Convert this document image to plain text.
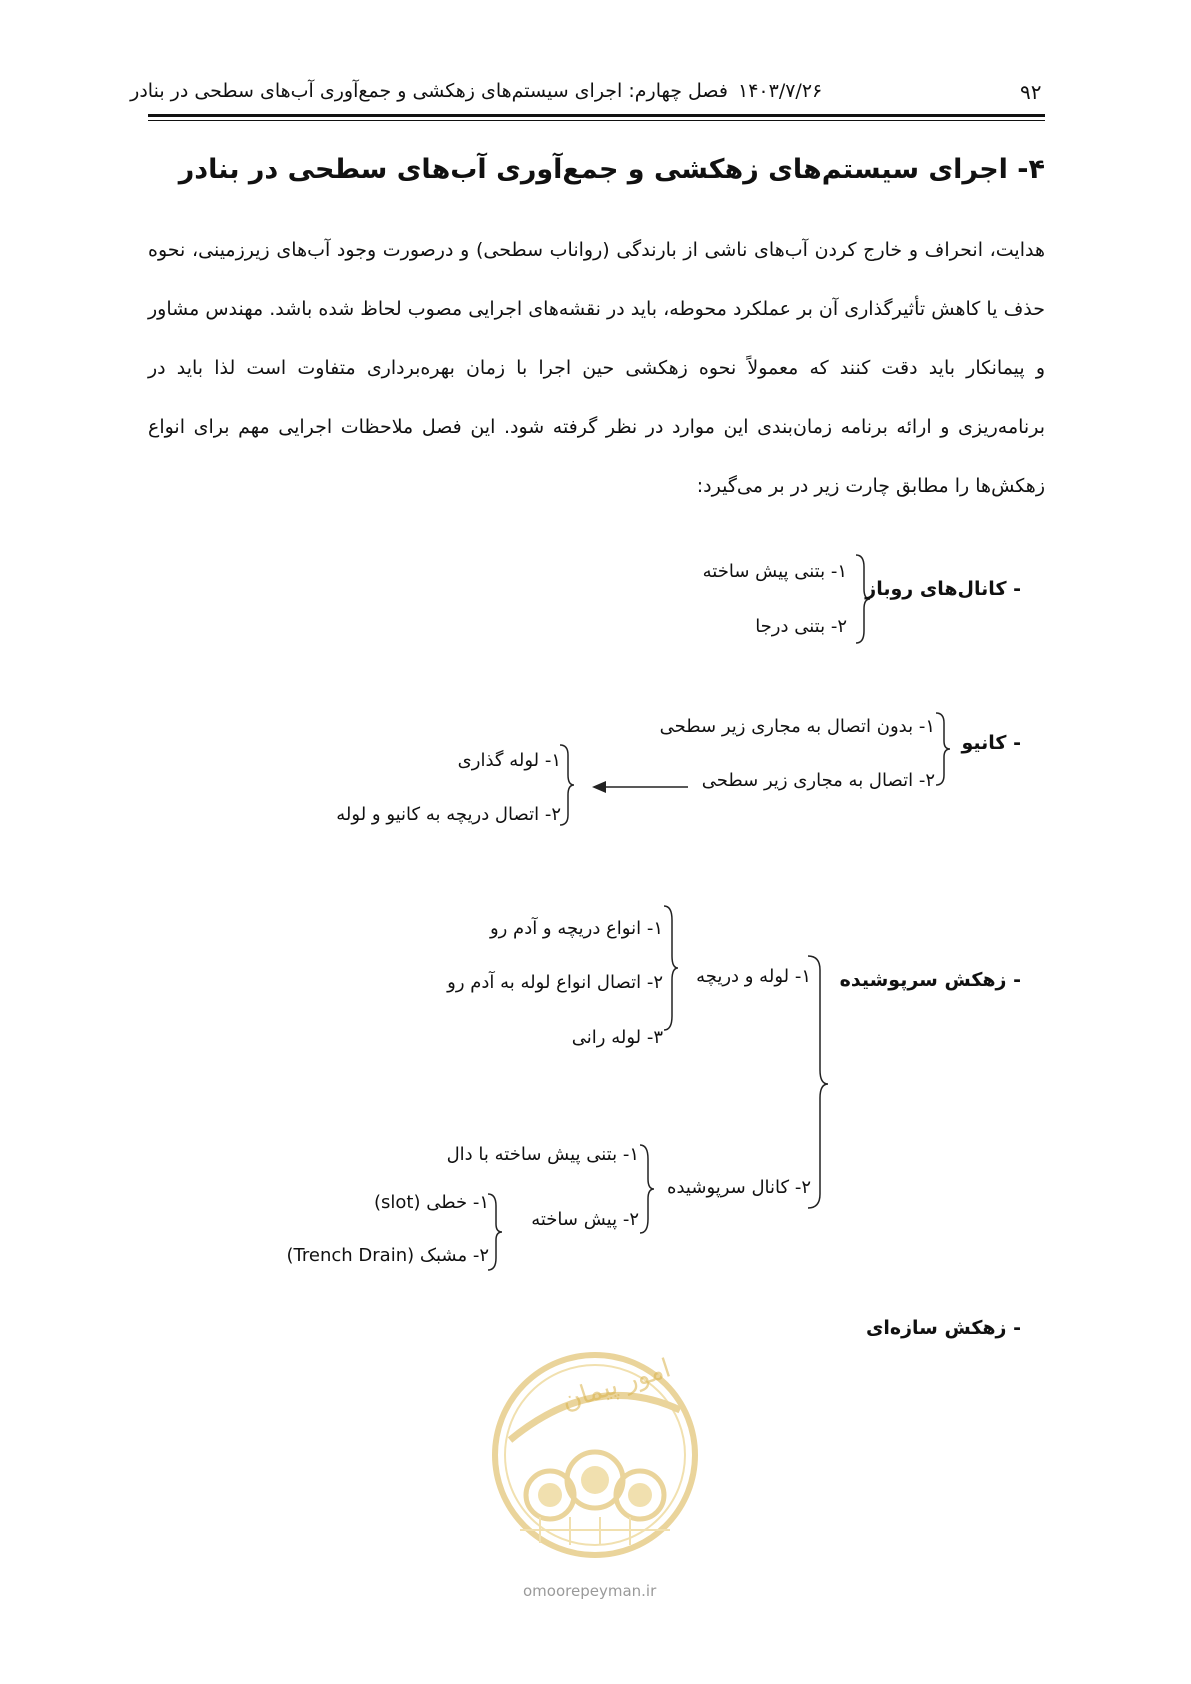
۹۲
۱۴۰۳/۷/۲۶
فصل چهارم: اجرای سیستم‌های زهکشی و جمع‌آوری آب‌های سطحی در بنادر
۴- اجرای سیستم‌های زهکشی و جمع‌آوری آب‌های سطحی در بنادر

هدایت، انحراف و خارج کردن آب‌های ناشی از بارندگی (رواناب سطحی) و درصورت وجود آب‌های زیرزمینی، نحوه حذف یا کاهش تأثیرگذاری آن بر عملکرد محوطه، باید در نقشه‌های اجرایی مصوب لحاظ شده باشد. مهندس مشاور و پیمانکار باید دقت کنند که معمولاً نحوه زهکشی حین اجرا با زمان بهره‌برداری متفاوت است لذا باید در برنامه‌ریزی و ارائه برنامه زمان‌بندی این موارد در نظر گرفته شود. این فصل ملاحظات اجرایی مهم برای انواع زهکش‌ها را مطابق چارت زیر در بر می‌گیرد:

- کانال‌های روباز
۱- بتنی پیش ساخته
۲- بتنی درجا
- کانیو
۱- بدون اتصال به مجاری زیر سطحی
۲- اتصال به مجاری زیر سطحی
۱- لوله گذاری
۲- اتصال دریچه به کانیو و لوله
- زهکش سرپوشیده
۱- لوله و دریچه
۱- انواع دریچه و آدم رو
۲- اتصال انواع لوله به آدم رو
۳- لوله رانی
۲- کانال سرپوشیده
۱- بتنی پیش ساخته با دال
۲- پیش ساخته
۱- خطی (slot)
۲- مشبک (Trench Drain)
- زهکش سازه‌ای
امور پیمان
omoorepeyman.ir
